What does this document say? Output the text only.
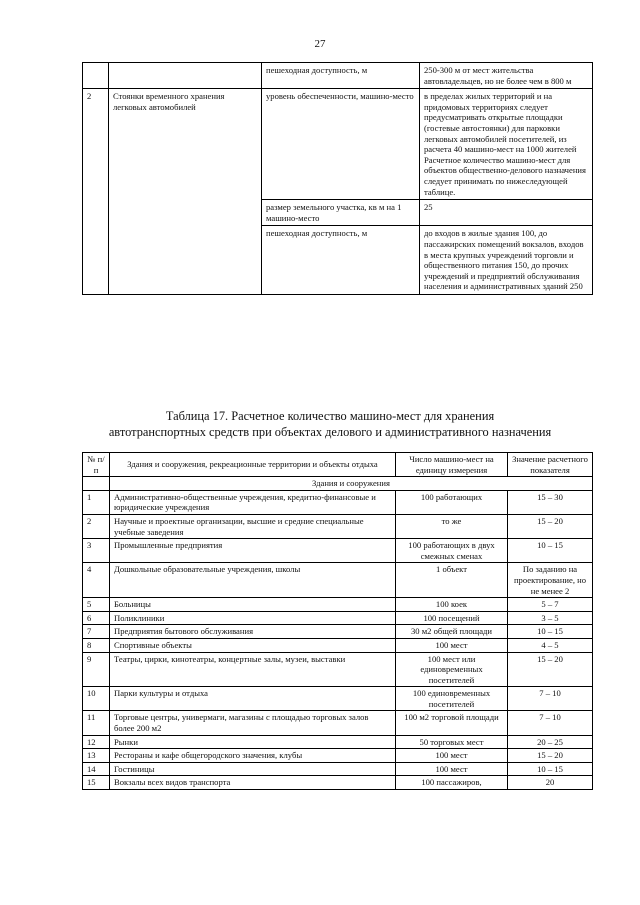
27
		пешеходная доступность, м	250-300 м от мест жительства автовладельцев, но не более чем в 800 м
2	Стоянки временного хранения легковых автомобилей	уровень обеспеченности, машино-место	в пределах жилых территорий и на придомовых территориях следует предусматривать открытые площадки (гостевые автостоянки) для парковки легковых автомобилей посетителей, из расчета 40 машино-мест на 1000 жителей Расчетное количество машино-мест для объектов общественно-делового назначения следует принимать по нижеследующей таблице.
		размер земельного участка, кв м на 1 машино-место	25
		пешеходная доступность, м	до входов в жилые здания 100, до пассажирских помещений вокзалов, входов в места крупных учреждений торговли и общественного питания 150, до прочих учреждений и предприятий обслуживания населения и административных зданий 250
Таблица 17. Расчетное количество машино-мест для хранения
автотранспортных средств при объектах делового и административного назначения
№ п/п	Здания и сооружения, рекреационные территории и объекты отдыха	Число машино-мест на единицу измерения	Значение расчетного показателя
	Здания и сооружения		
1	Административно-общественные учреждения, кредитно-финансовые и юридические учреждения	100 работающих	15 – 30
2	Научные и проектные организации, высшие и средние специальные учебные заведения	то же	15 – 20
3	Промышленные предприятия	100 работающих в двух смежных сменах	10 – 15
4	Дошкольные образовательные учреждения, школы	1 объект	По заданию на проектирование, но не менее 2
5	Больницы	100 коек	5 – 7
6	Поликлиники	100 посещений	3 – 5
7	Предприятия бытового обслуживания	30 м2 общей площади	10 – 15
8	Спортивные объекты	100 мест	4 – 5
9	Театры, цирки, кинотеатры, концертные залы, музеи, выставки	100 мест или единовременных посетителей	15 – 20
10	Парки культуры и отдыха	100 единовременных посетителей	7 – 10
11	Торговые центры, универмаги, магазины с площадью торговых залов более 200 м2	100 м2 торговой площади	7 – 10
12	Рынки	50 торговых мест	20 – 25
13	Рестораны и кафе общегородского значения, клубы	100 мест	15 – 20
14	Гостиницы	100 мест	10 – 15
15	Вокзалы всех видов транспорта	100 пассажиров,	20
